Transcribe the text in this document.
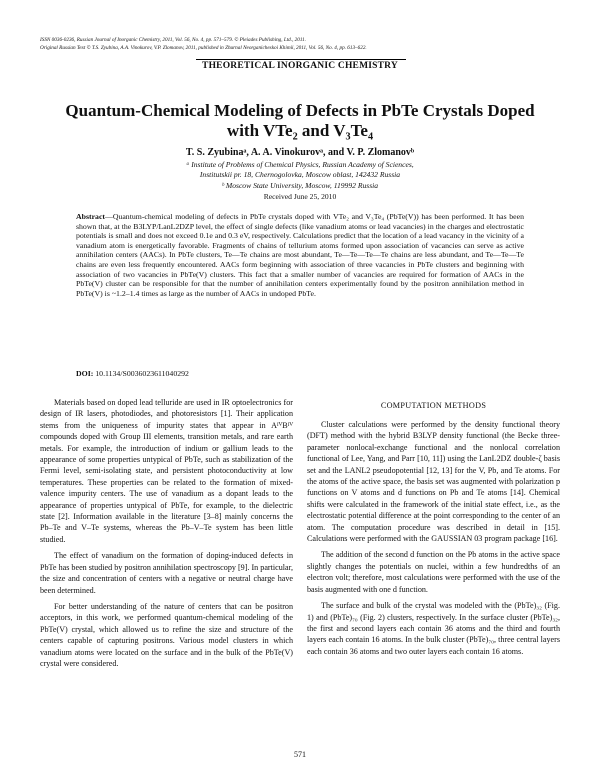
ISSN 0036-0236, Russian Journal of Inorganic Chemistry, 2011, Vol. 56, No. 4, pp. 571–579. © Pleiades Publishing, Ltd., 2011.
Original Russian Text © T.S. Zyubina, A.A. Vinokurov, V.P. Zlomanov, 2011, published in Zhurnal Neorganicheskoi Khimii, 2011, Vol. 56, No. 4, pp. 613–622.
THEORETICAL INORGANIC CHEMISTRY
Quantum-Chemical Modeling of Defects in PbTe Crystals Doped with VTe₂ and V₃Te₄
T. S. Zyubinaᵃ, A. A. Vinokurovᵃ, and V. P. Zlomanovᵇ
ᵃ Institute of Problems of Chemical Physics, Russian Academy of Sciences,
Institutskii pr. 18, Chernogolovka, Moscow oblast, 142432 Russia
ᵇ Moscow State University, Moscow, 119992 Russia
Received June 25, 2010
Abstract—Quantum-chemical modeling of defects in PbTe crystals doped with VTe₂ and V₃Te₄ (PbTe(V)) has been performed. It has been shown that, at the B3LYP/LanL2DZP level, the effect of single defects (like vanadium atoms or lead vacancies) in the charges and electrostatic potentials is small and does not exceed 0.1e and 0.3 eV, respectively. Calculations predict that the location of a lead vacancy in the vicinity of a vanadium atom is energetically favorable. Fragments of chains of tellurium atoms formed upon association of vacancies can serve as active annihilation centers (AACs). In PbTe clusters, Te—Te chains are most abundant, Te—Te—Te—Te chains are less abundant, and Te—Te—Te chains are even less frequently encountered. AACs form beginning with association of three vacancies in PbTe clusters and beginning with association of two vacancies in PbTe(V) clusters. This fact that a smaller number of vacancies are required for formation of AACs in the PbTe(V) cluster can be responsible for that the number of annihilation centers experimentally found by the positron annihilation method in PbTe(V) is ~1.2–1.4 times as large as the number of AACs in undoped PbTe.
DOI: 10.1134/S0036023611040292

Materials based on doped lead telluride are used in IR optoelectronics for design of IR lasers, photodiodes, and photoresistors [1]. Their application stems from the uniqueness of impurity states that appear in AᴵⱽBᴵⱽ compounds doped with Group III elements, transition metals, and rare earth metals. For example, the introduction of indium or gallium leads to the appearance of some properties untypical of PbTe, such as stabilization of the Fermi level, semi-isolating state, and persistent photoconductivity at low temperatures. These properties can be related to the formation of mixed-valence impurity centers. The use of vanadium as a dopant leads to the appearance of properties untypical of PbTe, for example, to the dielectric state [2]. Information available in the literature [3–8] mainly concerns the Pb–Te and V–Te systems, whereas the Pb–V–Te system has been little studied.

The effect of vanadium on the formation of doping-induced defects in PbTe has been studied by positron annihilation spectroscopy [9]. In particular, the size and concentration of centers with a negative or neutral charge have been determined.

For better understanding of the nature of centers that can be positron acceptors, in this work, we performed quantum-chemical modeling of the PbTe(V) crystal, which allowed us to refine the size and structure of the centers capable of capturing positrons. Various model clusters in which vanadium atoms were located on the surface and in the bulk of the PbTe(V) crystal were considered.

COMPUTATION METHODS

Cluster calculations were performed by the density functional theory (DFT) method with the hybrid B3LYP density functional (the Becke three-parameter nonlocal-exchange functional and the nonlocal correlation functional of Lee, Yang, and Parr [10, 11]) using the LanL2DZ double-ζ basis set and the LANL2 pseudopotential [12, 13] for the V, Pb, and Te atoms. For the atoms of the active space, the basis set was augmented with polarization p functions on V atoms and d functions on Pb and Te atoms [14]. Chemical shifts were calculated in the framework of the initial state effect, i.e., as the electrostatic potential difference at the point corresponding to the center of an atom. The computation procedure was described in detail in [15]. Calculations were performed with the GAUSSIAN 03 program package [16].

The addition of the second d function on the Pb atoms in the active space slightly changes the potentials on nuclei, within a few hundredths of an electron volt; therefore, most calculations were performed with the use of the basis augmented with one d function.

The surface and bulk of the crystal was modeled with the (PbTe)₃₂ (Fig. 1) and (PbTe)₇₀ (Fig. 2) clusters, respectively. In the surface cluster (PbTe)₃₂, the first and second layers each contain 36 atoms and the third and fourth layers each contain 16 atoms. In the bulk cluster (PbTe)₇₀, three central layers each contain 36 atoms and two outer layers each contain 16 atoms.

571
